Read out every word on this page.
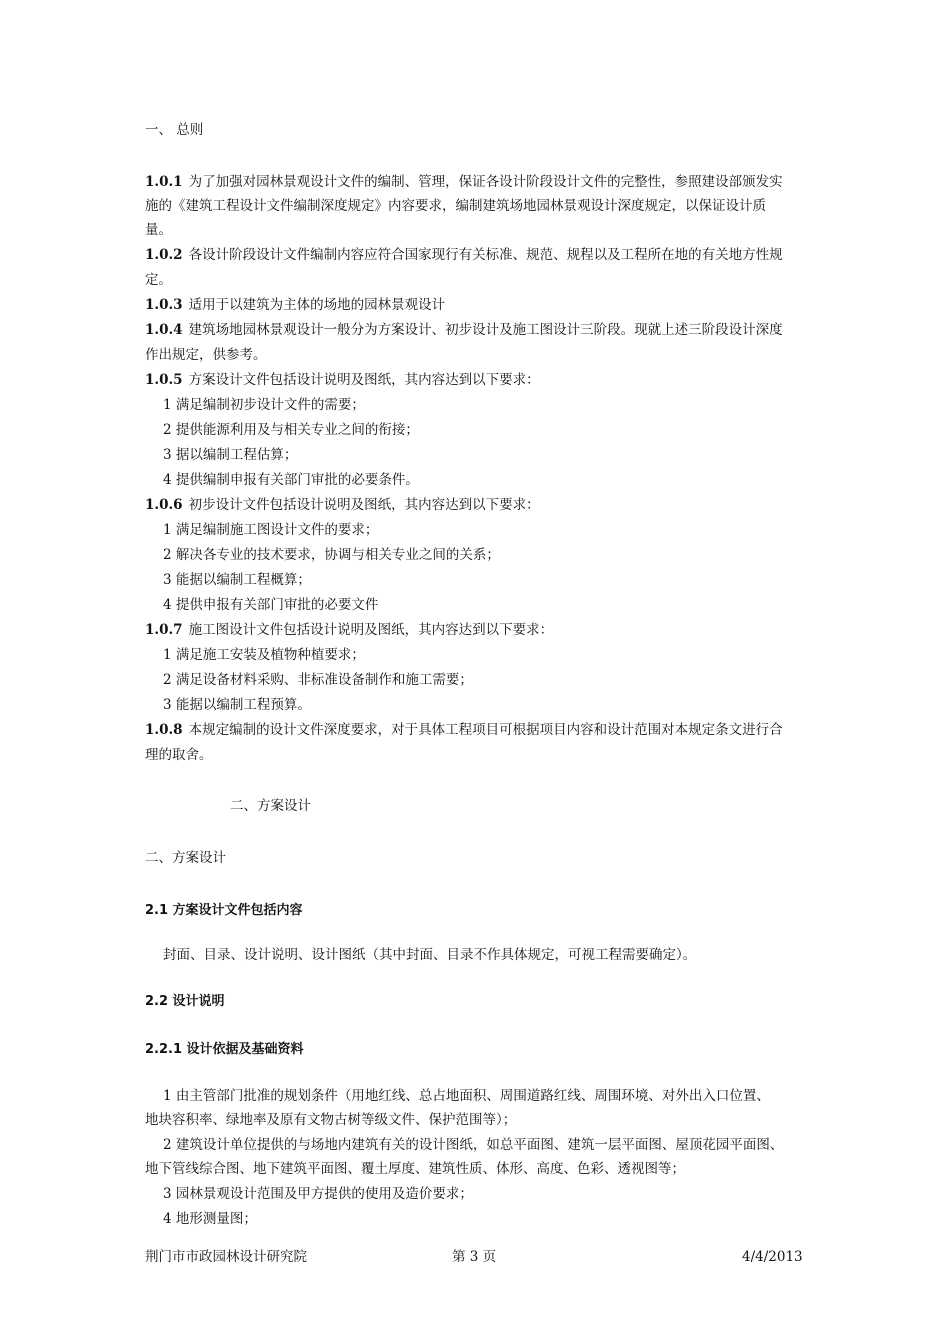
一、 总则
1.0.1 为了加强对园林景观设计文件的编制、管理，保证各设计阶段设计文件的完整性，参照建设部颁发实
施的《建筑工程设计文件编制深度规定》内容要求，编制建筑场地园林景观设计深度规定，以保证设计质
量。
1.0.2 各设计阶段设计文件编制内容应符合国家现行有关标准、规范、规程以及工程所在地的有关地方性规
定。
1.0.3 适用于以建筑为主体的场地的园林景观设计
1.0.4 建筑场地园林景观设计一般分为方案设计、初步设计及施工图设计三阶段。现就上述三阶段设计深度
作出规定，供参考。
1.0.5 方案设计文件包括设计说明及图纸，其内容达到以下要求：
1 满足编制初步设计文件的需要；
2 提供能源利用及与相关专业之间的衔接；
3 据以编制工程估算；
4 提供编制申报有关部门审批的必要条件。
1.0.6 初步设计文件包括设计说明及图纸，其内容达到以下要求：
1 满足编制施工图设计文件的要求；
2 解决各专业的技术要求，协调与相关专业之间的关系；
3 能据以编制工程概算；
4 提供申报有关部门审批的必要文件
1.0.7 施工图设计文件包括设计说明及图纸，其内容达到以下要求：
1 满足施工安装及植物种植要求；
2 满足设备材料采购、非标准设备制作和施工需要；
3 能据以编制工程预算。
1.0.8 本规定编制的设计文件深度要求，对于具体工程项目可根据项目内容和设计范围对本规定条文进行合
理的取舍。
二、方案设计
二、方案设计
2.1 方案设计文件包括内容
封面、目录、设计说明、设计图纸（其中封面、目录不作具体规定，可视工程需要确定）。
2.2 设计说明
2.2.1 设计依据及基础资料
1 由主管部门批准的规划条件（用地红线、总占地面积、周围道路红线、周围环境、对外出入口位置、
地块容积率、绿地率及原有文物古树等级文件、保护范围等）；
2 建筑设计单位提供的与场地内建筑有关的设计图纸，如总平面图、建筑一层平面图、屋顶花园平面图、
地下管线综合图、地下建筑平面图、覆土厚度、建筑性质、体形、高度、色彩、透视图等；
3 园林景观设计范围及甲方提供的使用及造价要求；
4 地形测量图；
荆门市市政园林设计研究院	第 3 页	4/4/2013
